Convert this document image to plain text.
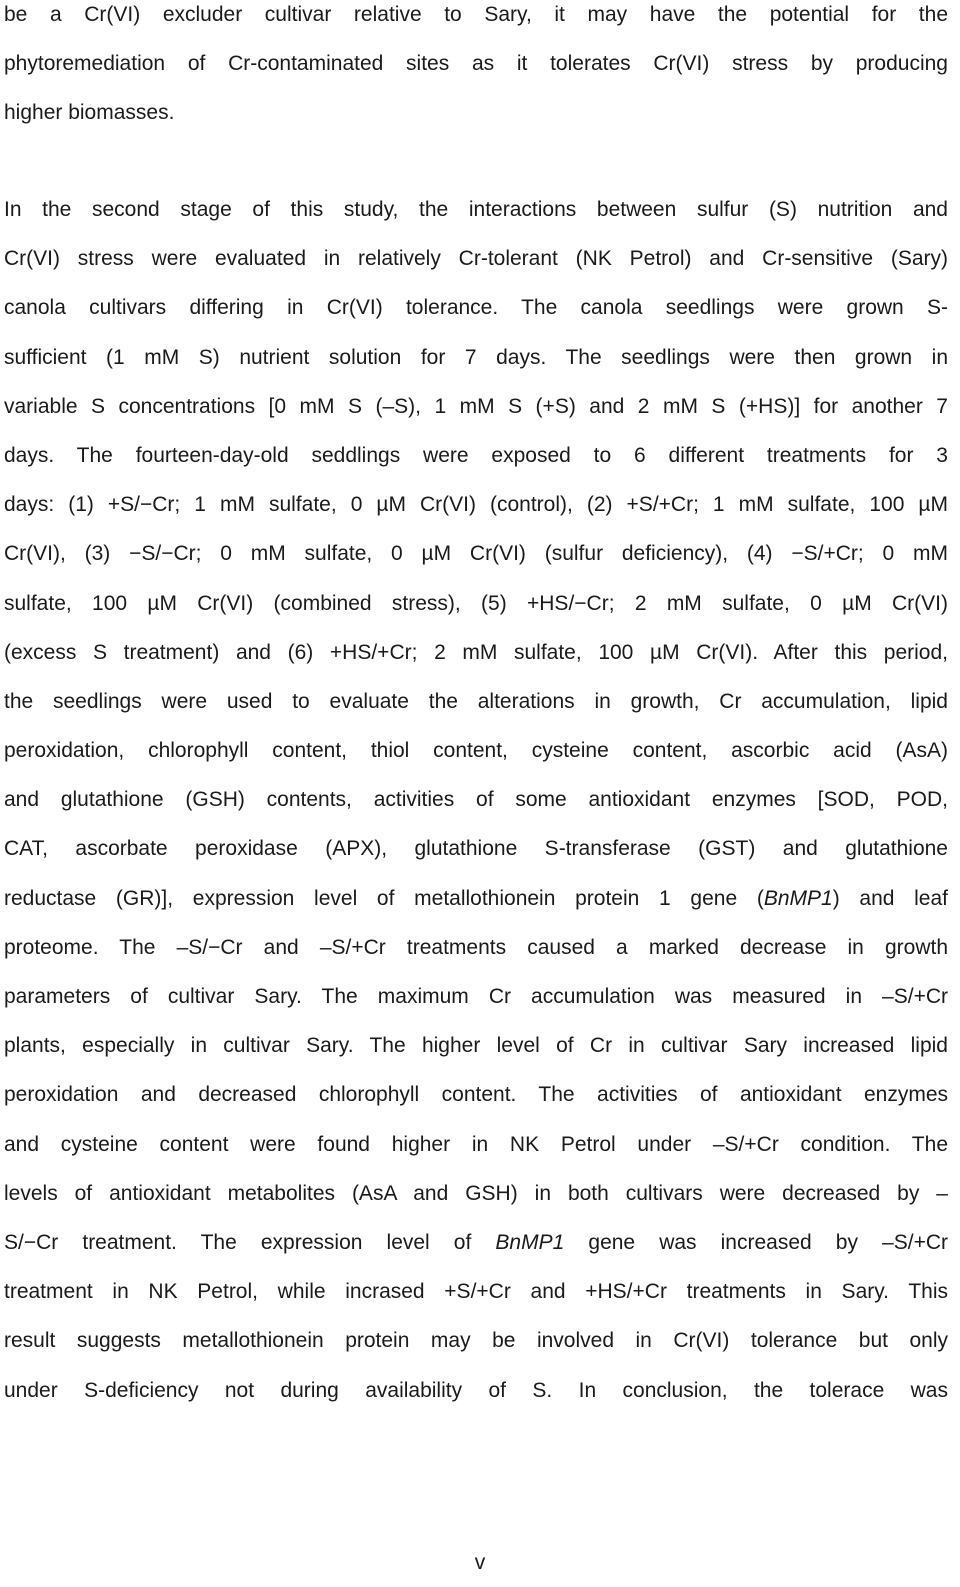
be a Cr(VI) excluder cultivar relative to Sary, it may have the potential for the
phytoremediation of Cr-contaminated sites as it tolerates Cr(VI) stress by producing
higher biomasses.
In the second stage of this study, the interactions between sulfur (S) nutrition and
Cr(VI) stress were evaluated in relatively Cr-tolerant (NK Petrol) and Cr-sensitive (Sary)
canola cultivars differing in Cr(VI) tolerance. The canola seedlings were grown S-
sufficient (1 mM S) nutrient solution for 7 days. The seedlings were then grown in
variable S concentrations [0 mM S (‒S), 1 mM S (+S) and 2 mM S (+HS)] for another 7
days. The fourteen-day-old seddlings were exposed to 6 different treatments for 3
days: (1) +S/−Cr; 1 mM sulfate, 0 µM Cr(VI) (control), (2) +S/+Cr; 1 mM sulfate, 100 µM
Cr(VI), (3) −S/−Cr; 0 mM sulfate, 0 µM Cr(VI) (sulfur deficiency), (4) −S/+Cr; 0 mM
sulfate, 100 µM Cr(VI) (combined stress), (5) +HS/−Cr; 2 mM sulfate, 0 µM Cr(VI)
(excess S treatment) and (6) +HS/+Cr; 2 mM sulfate, 100 µM Cr(VI). After this period,
the seedlings were used to evaluate the alterations in growth, Cr accumulation, lipid
peroxidation, chlorophyll content, thiol content, cysteine content, ascorbic acid (AsA)
and glutathione (GSH) contents, activities of some antioxidant enzymes [SOD, POD,
CAT, ascorbate peroxidase (APX), glutathione S-transferase (GST) and glutathione
reductase (GR)], expression level of metallothionein protein 1 gene (BnMP1) and leaf
proteome. The ‒S/−Cr and ‒S/+Cr treatments caused a marked decrease in growth
parameters of cultivar Sary. The maximum Cr accumulation was measured in ‒S/+Cr
plants, especially in cultivar Sary. The higher level of Cr in cultivar Sary increased lipid
peroxidation and decreased chlorophyll content. The activities of antioxidant enzymes
and cysteine content were found higher in NK Petrol under ‒S/+Cr condition. The
levels of antioxidant metabolites (AsA and GSH) in both cultivars were decreased by ‒
S/−Cr treatment. The expression level of BnMP1 gene was increased by ‒S/+Cr
treatment in NK Petrol, while incrased +S/+Cr and +HS/+Cr treatments in Sary. This
result suggests metallothionein protein may be involved in Cr(VI) tolerance but only
under S-deficiency not during availability of S. In conclusion, the tolerace was
v
